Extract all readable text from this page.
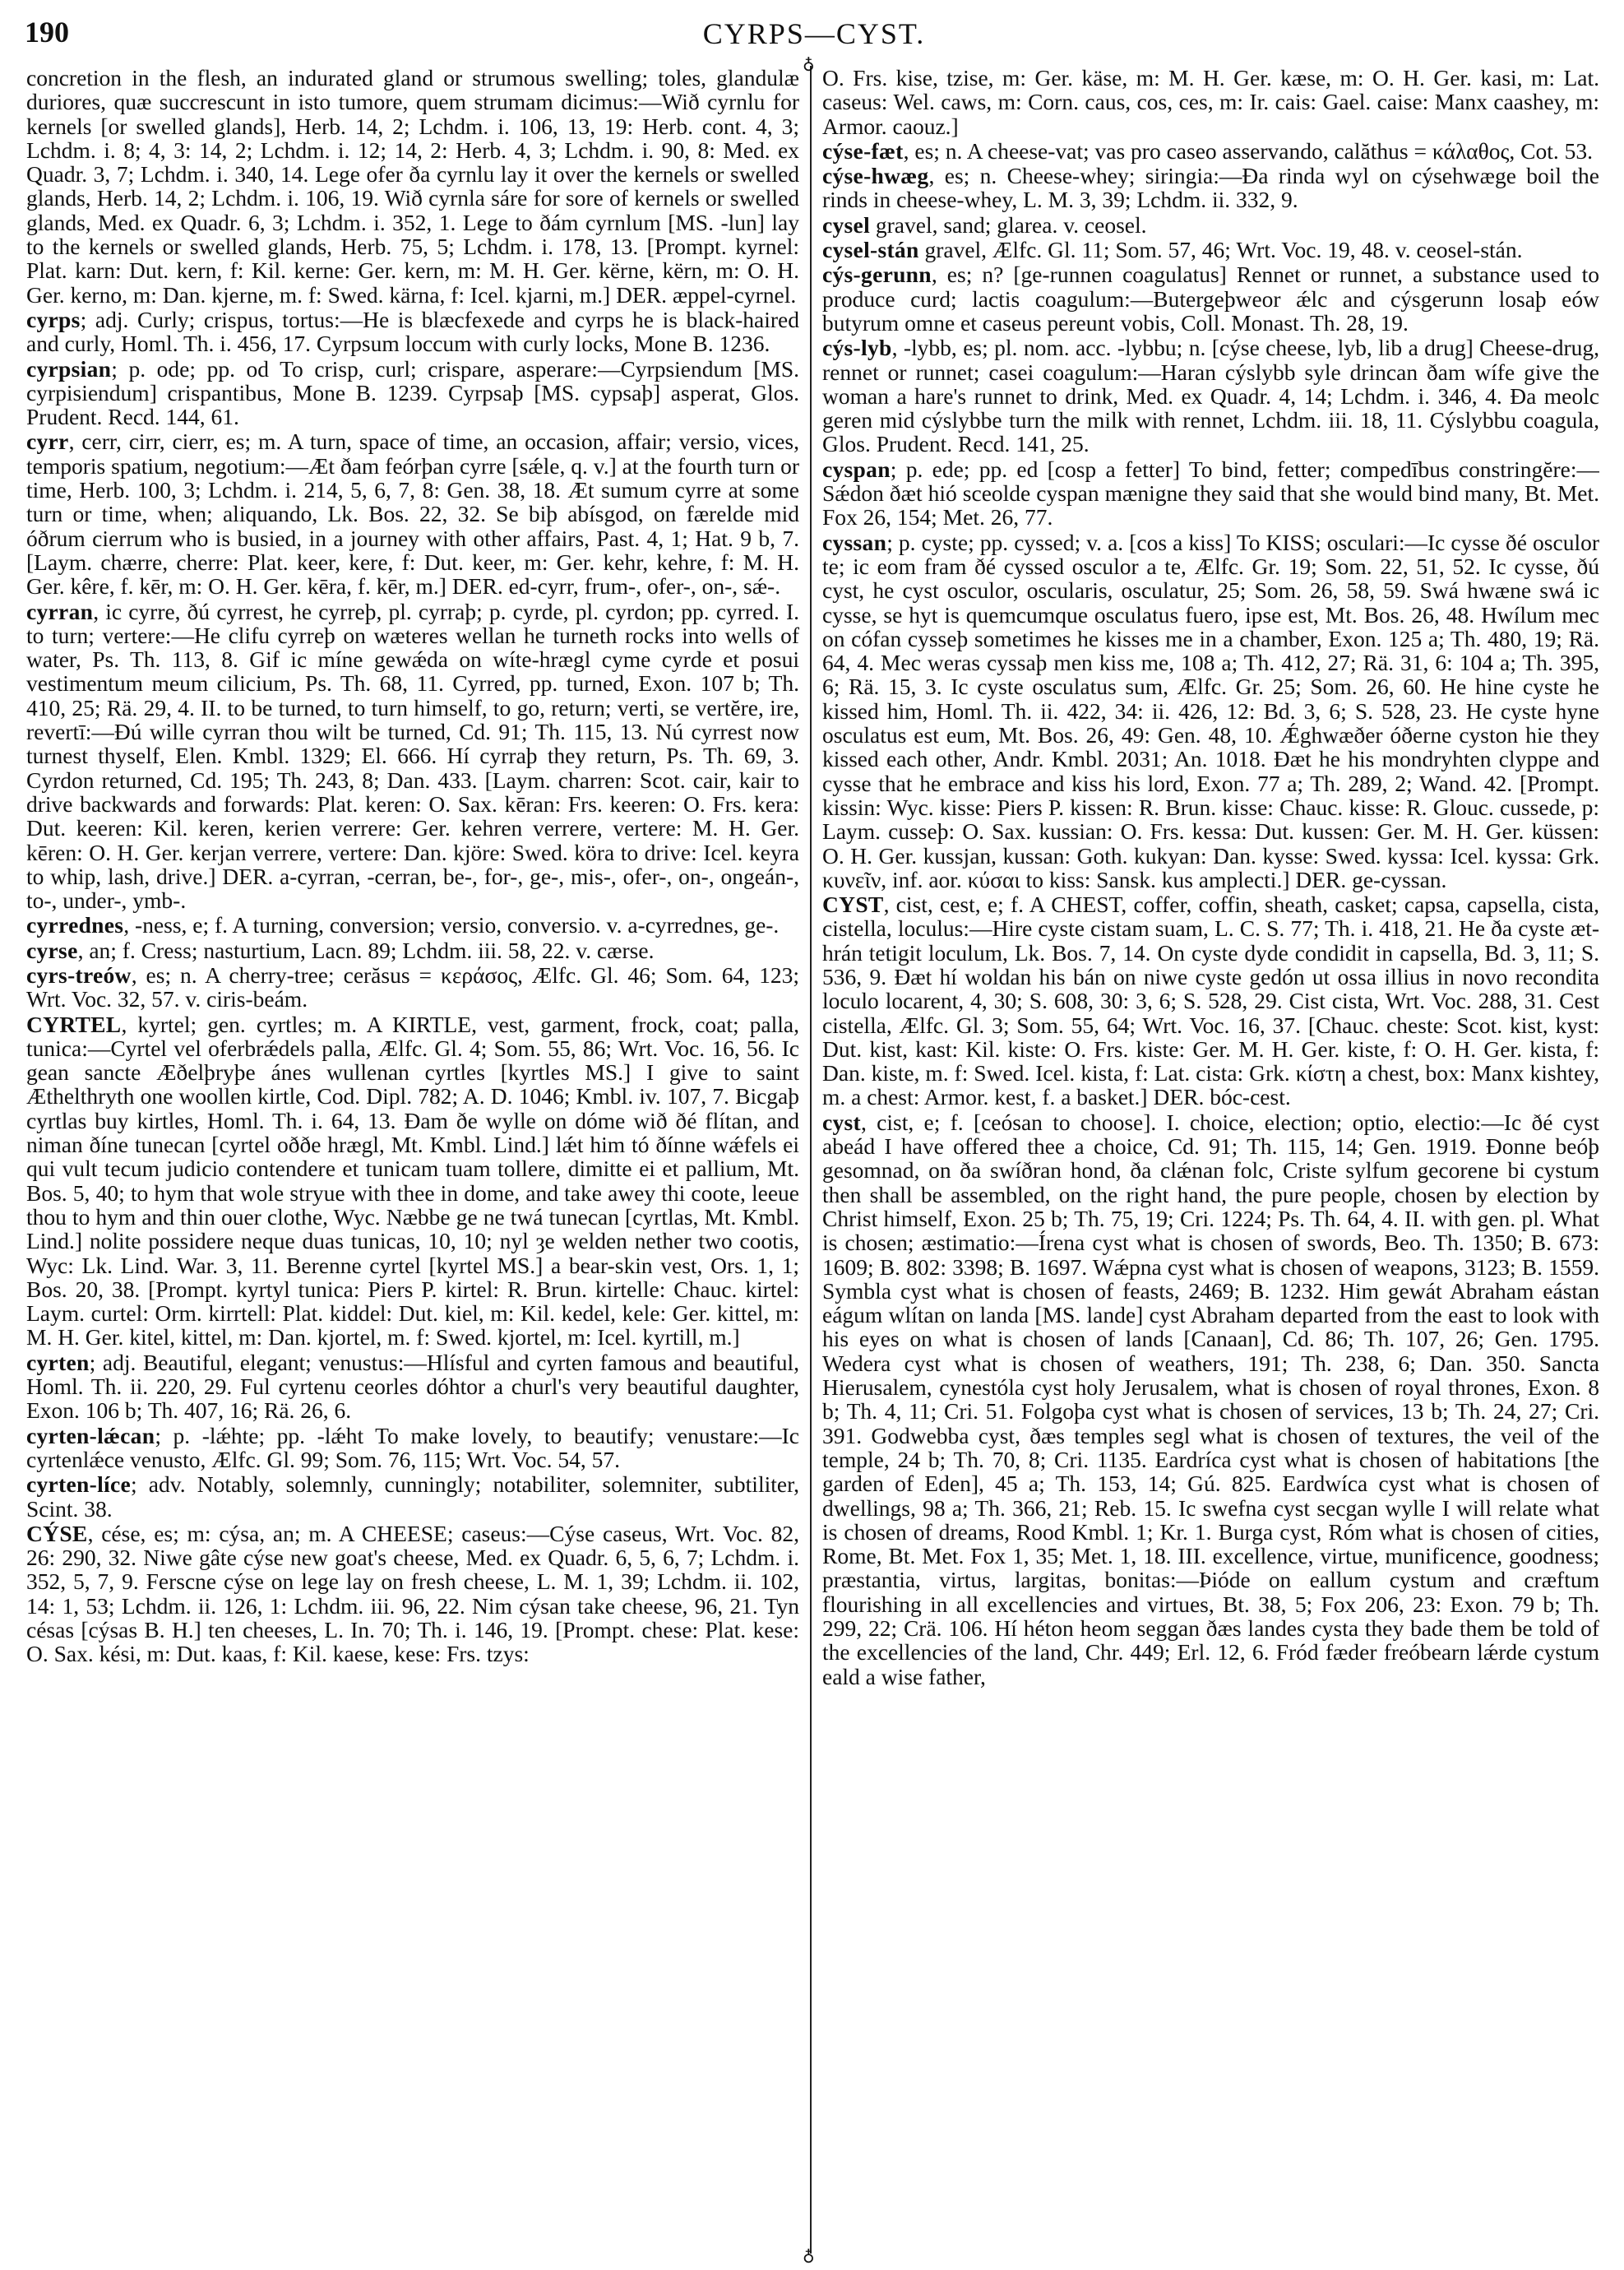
190	CYRPS—CYST.

concretion in the flesh, an indurated gland or strumous swelling; toles, glandulæ duriores, quæ succrescunt in isto tumore, quem strumam dicimus:—Wið cyrnlu for kernels [or swelled glands], Herb. 14, 2; Lchdm. i. 106, 13, 19: Herb. cont. 4, 3; Lchdm. i. 8; 4, 3: 14, 2; Lchdm. i. 12; 14, 2: Herb. 4, 3; Lchdm. i. 90, 8: Med. ex Quadr. 3, 7; Lchdm. i. 340, 14. Lege ofer ða cyrnlu lay it over the kernels or swelled glands, Herb. 14, 2; Lchdm. i. 106, 19. Wið cyrnla sáre for sore of kernels or swelled glands, Med. ex Quadr. 6, 3; Lchdm. i. 352, 1. Lege to ðám cyrnlum [MS. -lun] lay to the kernels or swelled glands, Herb. 75, 5; Lchdm. i. 178, 13. [Prompt. kyrnel: Plat. karn: Dut. kern, f: Kil. kerne: Ger. kern, m: M. H. Ger. kërne, kërn, m: O. H. Ger. kerno, m: Dan. kjerne, m. f: Swed. kärna, f: Icel. kjarni, m.] DER. æppel-cyrnel.

cyrps; adj. Curly; crispus, tortus:—He is blæcfexede and cyrps he is black-haired and curly, Homl. Th. i. 456, 17. Cyrpsum loccum with curly locks, Mone B. 1236.

cyrpsian; p. ode; pp. od To crisp, curl; crispare, asperare:—Cyrpsiendum [MS. cyrpisiendum] crispantibus, Mone B. 1239. Cyrpsaþ [MS. cypsaþ] asperat, Glos. Prudent. Recd. 144, 61.

cyrr, cerr, cirr, cierr, es; m. A turn, space of time, an occasion, affair; versio, vices, temporis spatium, negotium:—Æt ðam feórþan cyrre [sǽle, q. v.] at the fourth turn or time, Herb. 100, 3; Lchdm. i. 214, 5, 6, 7, 8: Gen. 38, 18. Æt sumum cyrre at some turn or time, when; aliquando, Lk. Bos. 22, 32. Se biþ abísgod, on færelde mid óðrum cierrum who is busied, in a journey with other affairs, Past. 4, 1; Hat. 9 b, 7. [Laym. chærre, cherre: Plat. keer, kere, f: Dut. keer, m: Ger. kehr, kehre, f: M. H. Ger. kêre, f. kēr, m: O. H. Ger. kēra, f. kēr, m.] DER. ed-cyrr, frum-, ofer-, on-, sǽ-.

cyrran, ic cyrre, ðú cyrrest, he cyrreþ, pl. cyrraþ; p. cyrde, pl. cyrdon; pp. cyrred. I. to turn; vertere:—He clifu cyrreþ on wæteres wellan he turneth rocks into wells of water, Ps. Th. 113, 8. Gif ic míne gewǽda on wíte-hrægl cyme cyrde et posui vestimentum meum cilicium, Ps. Th. 68, 11. Cyrred, pp. turned, Exon. 107 b; Th. 410, 25; Rä. 29, 4. II. to be turned, to turn himself, to go, return; verti, se vertĕre, ire, revertī:—Ðú wille cyrran thou wilt be turned, Cd. 91; Th. 115, 13. Nú cyrrest now turnest thyself, Elen. Kmbl. 1329; El. 666. Hí cyrraþ they return, Ps. Th. 69, 3. Cyrdon returned, Cd. 195; Th. 243, 8; Dan. 433. [Laym. charren: Scot. cair, kair to drive backwards and forwards: Plat. keren: O. Sax. kēran: Frs. keeren: O. Frs. kera: Dut. keeren: Kil. keren, kerien verrere: Ger. kehren verrere, vertere: M. H. Ger. kēren: O. H. Ger. kerjan verrere, vertere: Dan. kjöre: Swed. köra to drive: Icel. keyra to whip, lash, drive.] DER. a-cyrran, -cerran, be-, for-, ge-, mis-, ofer-, on-, ongeán-, to-, under-, ymb-.

cyrrednes, -ness, e; f. A turning, conversion; versio, conversio. v. a-cyrrednes, ge-.

cyrse, an; f. Cress; nasturtium, Lacn. 89; Lchdm. iii. 58, 22. v. cærse.

cyrs-treów, es; n. A cherry-tree; cerăsus = κεράσος, Ælfc. Gl. 46; Som. 64, 123; Wrt. Voc. 32, 57. v. ciris-beám.

CYRTEL, kyrtel; gen. cyrtles; m. A KIRTLE, vest, garment, frock, coat; palla, tunica:—Cyrtel vel oferbrǽdels palla, Ælfc. Gl. 4; Som. 55, 86; Wrt. Voc. 16, 56. Ic gean sancte Æðelþryþe ánes wullenan cyrtles [kyrtles MS.] I give to saint Æthelthryth one woollen kirtle, Cod. Dipl. 782; A. D. 1046; Kmbl. iv. 107, 7. Bicgaþ cyrtlas buy kirtles, Homl. Th. i. 64, 13. Ðam ðe wylle on dóme wið ðé flítan, and niman ðíne tunecan [cyrtel oððe hrægl, Mt. Kmbl. Lind.] lǽt him tó ðínne wǽfels ei qui vult tecum judicio contendere et tunicam tuam tollere, dimitte ei et pallium, Mt. Bos. 5, 40; to hym that wole stryue with thee in dome, and take awey thi coote, leeue thou to hym and thin ouer clothe, Wyc. Næbbe ge ne twá tunecan [cyrtlas, Mt. Kmbl. Lind.] nolite possidere neque duas tunicas, 10, 10; nyl ȝe welden nether two cootis, Wyc: Lk. Lind. War. 3, 11. Berenne cyrtel [kyrtel MS.] a bear-skin vest, Ors. 1, 1; Bos. 20, 38. [Prompt. kyrtyl tunica: Piers P. kirtel: R. Brun. kirtelle: Chauc. kirtel: Laym. curtel: Orm. kirrtell: Plat. kiddel: Dut. kiel, m: Kil. kedel, kele: Ger. kittel, m: M. H. Ger. kitel, kittel, m: Dan. kjortel, m. f: Swed. kjortel, m: Icel. kyrtill, m.]

cyrten; adj. Beautiful, elegant; venustus:—Hlísful and cyrten famous and beautiful, Homl. Th. ii. 220, 29. Ful cyrtenu ceorles dóhtor a churl's very beautiful daughter, Exon. 106 b; Th. 407, 16; Rä. 26, 6.

cyrten-lǽcan; p. -lǽhte; pp. -lǽht To make lovely, to beautify; venustare:—Ic cyrtenlǽce venusto, Ælfc. Gl. 99; Som. 76, 115; Wrt. Voc. 54, 57.

cyrten-líce; adv. Notably, solemnly, cunningly; notabiliter, solemniter, subtiliter, Scint. 38.

CÝSE, cése, es; m: cýsa, an; m. A CHEESE; caseus:—Cýse caseus, Wrt. Voc. 82, 26: 290, 32. Niwe gâte cýse new goat's cheese, Med. ex Quadr. 6, 5, 6, 7; Lchdm. i. 352, 5, 7, 9. Ferscne cýse on lege lay on fresh cheese, L. M. 1, 39; Lchdm. ii. 102, 14: 1, 53; Lchdm. ii. 126, 1: Lchdm. iii. 96, 22. Nim cýsan take cheese, 96, 21. Tyn césas [cýsas B. H.] ten cheeses, L. In. 70; Th. i. 146, 19. [Prompt. chese: Plat. kese: O. Sax. kési, m: Dut. kaas, f: Kil. kaese, kese: Frs. tzys:

♁
♁

O. Frs. kise, tzise, m: Ger. käse, m: M. H. Ger. kæse, m: O. H. Ger. kasi, m: Lat. caseus: Wel. caws, m: Corn. caus, cos, ces, m: Ir. cais: Gael. caise: Manx caashey, m: Armor. caouz.]

cýse-fæt, es; n. A cheese-vat; vas pro caseo asservando, calăthus = κάλαθος, Cot. 53.

cýse-hwæg, es; n. Cheese-whey; siringia:—Ða rinda wyl on cýsehwæge boil the rinds in cheese-whey, L. M. 3, 39; Lchdm. ii. 332, 9.

cysel gravel, sand; glarea. v. ceosel.

cysel-stán gravel, Ælfc. Gl. 11; Som. 57, 46; Wrt. Voc. 19, 48. v. ceosel-stán.

cýs-gerunn, es; n? [ge-runnen coagulatus] Rennet or runnet, a substance used to produce curd; lactis coagulum:—Butergeþweor ǽlc and cýsgerunn losaþ eów butyrum omne et caseus pereunt vobis, Coll. Monast. Th. 28, 19.

cýs-lyb, -lybb, es; pl. nom. acc. -lybbu; n. [cýse cheese, lyb, lib a drug] Cheese-drug, rennet or runnet; casei coagulum:—Haran cýslybb syle drincan ðam wífe give the woman a hare's runnet to drink, Med. ex Quadr. 4, 14; Lchdm. i. 346, 4. Ða meolc geren mid cýslybbe turn the milk with rennet, Lchdm. iii. 18, 11. Cýslybbu coagula, Glos. Prudent. Recd. 141, 25.

cyspan; p. ede; pp. ed [cosp a fetter] To bind, fetter; compedībus constringĕre:—Sǽdon ðæt hió sceolde cyspan mænigne they said that she would bind many, Bt. Met. Fox 26, 154; Met. 26, 77.

cyssan; p. cyste; pp. cyssed; v. a. [cos a kiss] To KISS; osculari:—Ic cysse ðé osculor te; ic eom fram ðé cyssed osculor a te, Ælfc. Gr. 19; Som. 22, 51, 52. Ic cysse, ðú cyst, he cyst osculor, oscularis, osculatur, 25; Som. 26, 58, 59. Swá hwæne swá ic cysse, se hyt is quemcumque osculatus fuero, ipse est, Mt. Bos. 26, 48. Hwílum mec on cófan cysseþ sometimes he kisses me in a chamber, Exon. 125 a; Th. 480, 19; Rä. 64, 4. Mec weras cyssaþ men kiss me, 108 a; Th. 412, 27; Rä. 31, 6: 104 a; Th. 395, 6; Rä. 15, 3. Ic cyste osculatus sum, Ælfc. Gr. 25; Som. 26, 60. He hine cyste he kissed him, Homl. Th. ii. 422, 34: ii. 426, 12: Bd. 3, 6; S. 528, 23. He cyste hyne osculatus est eum, Mt. Bos. 26, 49: Gen. 48, 10. Ǽghwæðer óðerne cyston hie they kissed each other, Andr. Kmbl. 2031; An. 1018. Ðæt he his mondryhten clyppe and cysse that he embrace and kiss his lord, Exon. 77 a; Th. 289, 2; Wand. 42. [Prompt. kissin: Wyc. kisse: Piers P. kissen: R. Brun. kisse: Chauc. kisse: R. Glouc. cussede, p: Laym. cusseþ: O. Sax. kussian: O. Frs. kessa: Dut. kussen: Ger. M. H. Ger. küssen: O. H. Ger. kussjan, kussan: Goth. kukyan: Dan. kysse: Swed. kyssa: Icel. kyssa: Grk. κυνεῖν, inf. aor. κύσαι to kiss: Sansk. kus amplecti.] DER. ge-cyssan.

CYST, cist, cest, e; f. A CHEST, coffer, coffin, sheath, casket; capsa, capsella, cista, cistella, loculus:—Hire cyste cistam suam, L. C. S. 77; Th. i. 418, 21. He ða cyste æt-hrán tetigit loculum, Lk. Bos. 7, 14. On cyste dyde condidit in capsella, Bd. 3, 11; S. 536, 9. Ðæt hí woldan his bán on niwe cyste gedón ut ossa illius in novo recondita loculo locarent, 4, 30; S. 608, 30: 3, 6; S. 528, 29. Cist cista, Wrt. Voc. 288, 31. Cest cistella, Ælfc. Gl. 3; Som. 55, 64; Wrt. Voc. 16, 37. [Chauc. cheste: Scot. kist, kyst: Dut. kist, kast: Kil. kiste: O. Frs. kiste: Ger. M. H. Ger. kiste, f: O. H. Ger. kista, f: Dan. kiste, m. f: Swed. Icel. kista, f: Lat. cista: Grk. κίστη a chest, box: Manx kishtey, m. a chest: Armor. kest, f. a basket.] DER. bóc-cest.

cyst, cist, e; f. [ceósan to choose]. I. choice, election; optio, electio:—Ic ðé cyst abeád I have offered thee a choice, Cd. 91; Th. 115, 14; Gen. 1919. Ðonne beóþ gesomnad, on ða swíðran hond, ða clǽnan folc, Criste sylfum gecorene bi cystum then shall be assembled, on the right hand, the pure people, chosen by election by Christ himself, Exon. 25 b; Th. 75, 19; Cri. 1224; Ps. Th. 64, 4. II. with gen. pl. What is chosen; æstimatio:—Írena cyst what is chosen of swords, Beo. Th. 1350; B. 673: 1609; B. 802: 3398; B. 1697. Wǽpna cyst what is chosen of weapons, 3123; B. 1559. Symbla cyst what is chosen of feasts, 2469; B. 1232. Him gewát Abraham eástan eágum wlítan on landa [MS. lande] cyst Abraham departed from the east to look with his eyes on what is chosen of lands [Canaan], Cd. 86; Th. 107, 26; Gen. 1795. Wedera cyst what is chosen of weathers, 191; Th. 238, 6; Dan. 350. Sancta Hierusalem, cynestóla cyst holy Jerusalem, what is chosen of royal thrones, Exon. 8 b; Th. 4, 11; Cri. 51. Folgoþa cyst what is chosen of services, 13 b; Th. 24, 27; Cri. 391. Godwebba cyst, ðæs temples segl what is chosen of textures, the veil of the temple, 24 b; Th. 70, 8; Cri. 1135. Eardríca cyst what is chosen of habitations [the garden of Eden], 45 a; Th. 153, 14; Gú. 825. Eardwíca cyst what is chosen of dwellings, 98 a; Th. 366, 21; Reb. 15. Ic swefna cyst secgan wylle I will relate what is chosen of dreams, Rood Kmbl. 1; Kr. 1. Burga cyst, Róm what is chosen of cities, Rome, Bt. Met. Fox 1, 35; Met. 1, 18. III. excellence, virtue, munificence, goodness; præstantia, virtus, largitas, bonitas:—Þióde on eallum cystum and cræftum flourishing in all excellencies and virtues, Bt. 38, 5; Fox 206, 23: Exon. 79 b; Th. 299, 22; Crä. 106. Hí héton heom seggan ðæs landes cysta they bade them be told of the excellencies of the land, Chr. 449; Erl. 12, 6. Fród fæder freóbearn lǽrde cystum eald a wise father,
